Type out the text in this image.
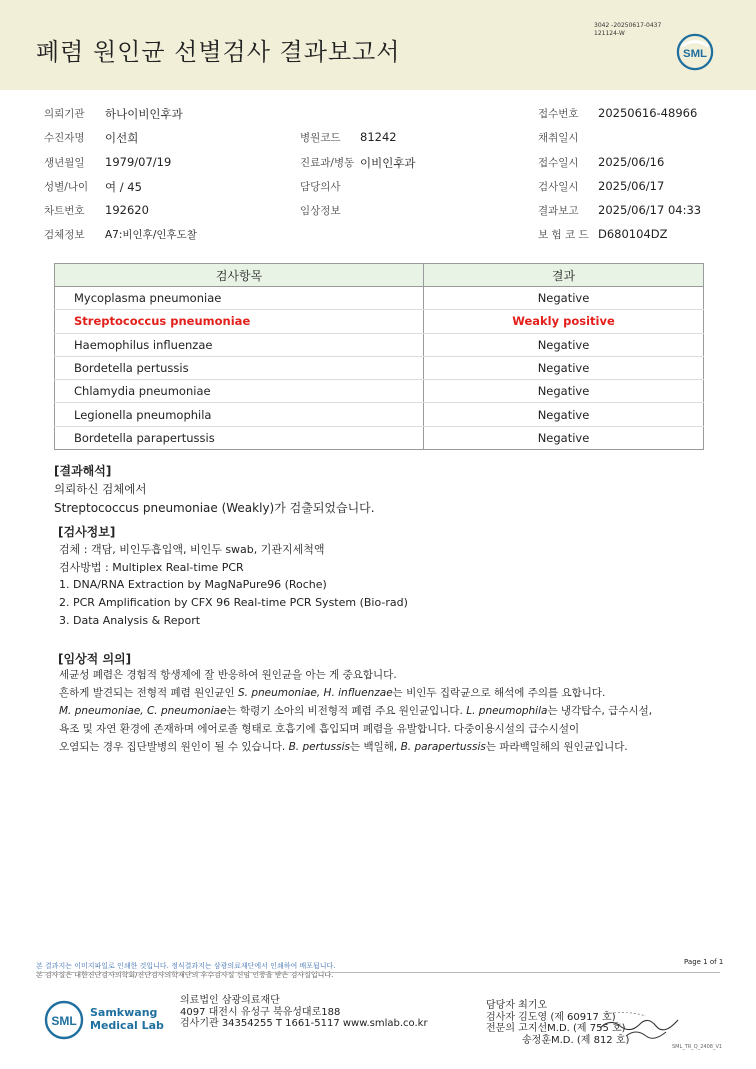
폐렴 원인균 선별검사 결과보고서
3042 -20250617-0437
121124-W
SML
의뢰기관 하나이비인후과	접수번호 20250616-48966
수진자명 이선희	병원코드 81242	채취일시
생년월일 1979/07/19	진료과/병동 이비인후과	접수일시 2025/06/16
성별/나이 여 / 45	담당의사	검사일시 2025/06/17
차트번호 192620	임상정보	결과보고 2025/06/17 04:33
검체정보 A7:비인후/인후도찰	보 험 코 드 D680104DZ
검사항목	결과
Mycoplasma pneumoniae	Negative
Streptococcus pneumoniae	Weakly positive
Haemophilus influenzae	Negative
Bordetella pertussis	Negative
Chlamydia pneumoniae	Negative
Legionella pneumophila	Negative
Bordetella parapertussis	Negative
[결과해석]
의뢰하신 검체에서
Streptococcus pneumoniae (Weakly)가 검출되었습니다.
[검사정보]
검체 : 객담, 비인두흡입액, 비인두 swab, 기관지세척액
검사방법 : Multiplex Real-time PCR
1. DNA/RNA Extraction by MagNaPure96 (Roche)
2. PCR Amplification by CFX 96 Real-time PCR System (Bio-rad)
3. Data Analysis & Report
[임상적 의의]
세균성 폐렴은 경험적 항생제에 잘 반응하여 원인균을 아는 게 중요합니다.
흔하게 발견되는 전형적 폐렴 원인균인 S. pneumoniae, H. influenzae는 비인두 집락균으로 해석에 주의를 요합니다.
M. pneumoniae, C. pneumoniae는 학령기 소아의 비전형적 폐렴 주요 원인균입니다. L. pneumophila는 냉각탑수, 급수시설,
욕조 및 자연 환경에 존재하며 에어로졸 형태로 호흡기에 흡입되며 폐렴을 유발합니다. 다중이용시설의 급수시설이
오염되는 경우 집단발병의 원인이 될 수 있습니다. B. pertussis는 백일해, B. parapertussis는 파라백일해의 원인균입니다.
본 결과지는 이미지파일로 인쇄한 것입니다. 정식결과지는 삼광의료재단에서 인쇄하여 배포됩니다.
본 검사실은 대한진단검사의학회/진단검사의학재단의 우수검사실 신임 인증을 받은 검사실입니다.
Page 1 of 1
SML
Samkwang
Medical Lab
의료법인 삼광의료재단
4097 대전시 유성구 북유성대로188
검사기관 34354255 T 1661-5117 www.smlab.co.kr
담당자 최기오
검사자 김도영 (제 60917 호)
전문의 고지선M.D. (제 755 호)
송정훈M.D. (제 812 호)
SML_TR_Q_2408_V1
